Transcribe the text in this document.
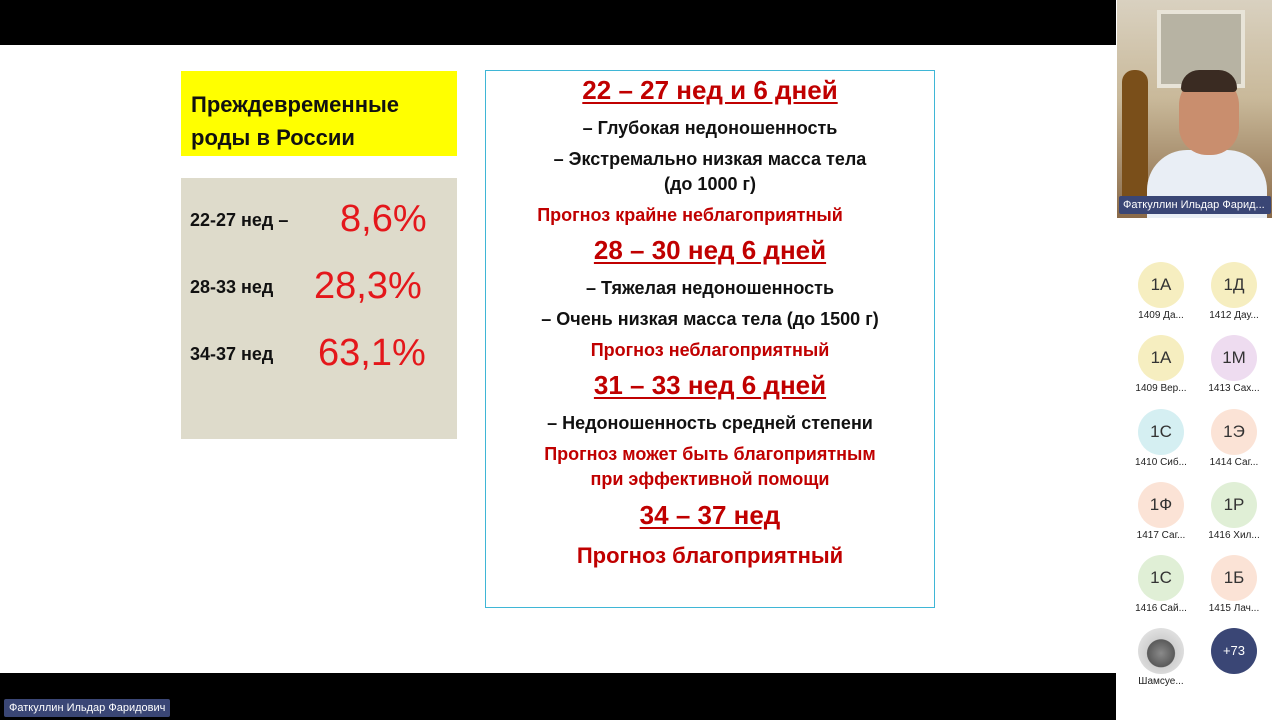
Преждевременные
роды в России
22-27 нед – 8,6%
28-33 нед 28,3%
34-37 нед 63,1%
22 – 27 нед и 6 дней
– Глубокая недоношенность
– Экстремально низкая масса тела
(до 1000 г)
Прогноз крайне неблагоприятный
28 – 30 нед 6 дней
– Тяжелая недоношенность
– Очень низкая масса тела (до 1500 г)
Прогноз неблагоприятный
31 – 33 нед 6 дней
– Недоношенность средней степени
Прогноз может быть благоприятным
при эффективной помощи
34 – 37 нед
Прогноз благоприятный
Фаткуллин Ильдар Фаридович
Фаткуллин Ильдар Фарид...
1А
1409 Да...
1Д
1412 Дау...
1А
1409 Вер...
1М
1413 Сах...
1С
1410 Сиб...
1Э
1414 Саг...
1Ф
1417 Саг...
1Р
1416 Хил...
1С
1416 Сай...
1Б
1415 Лач...
Шамсуе...
+73
